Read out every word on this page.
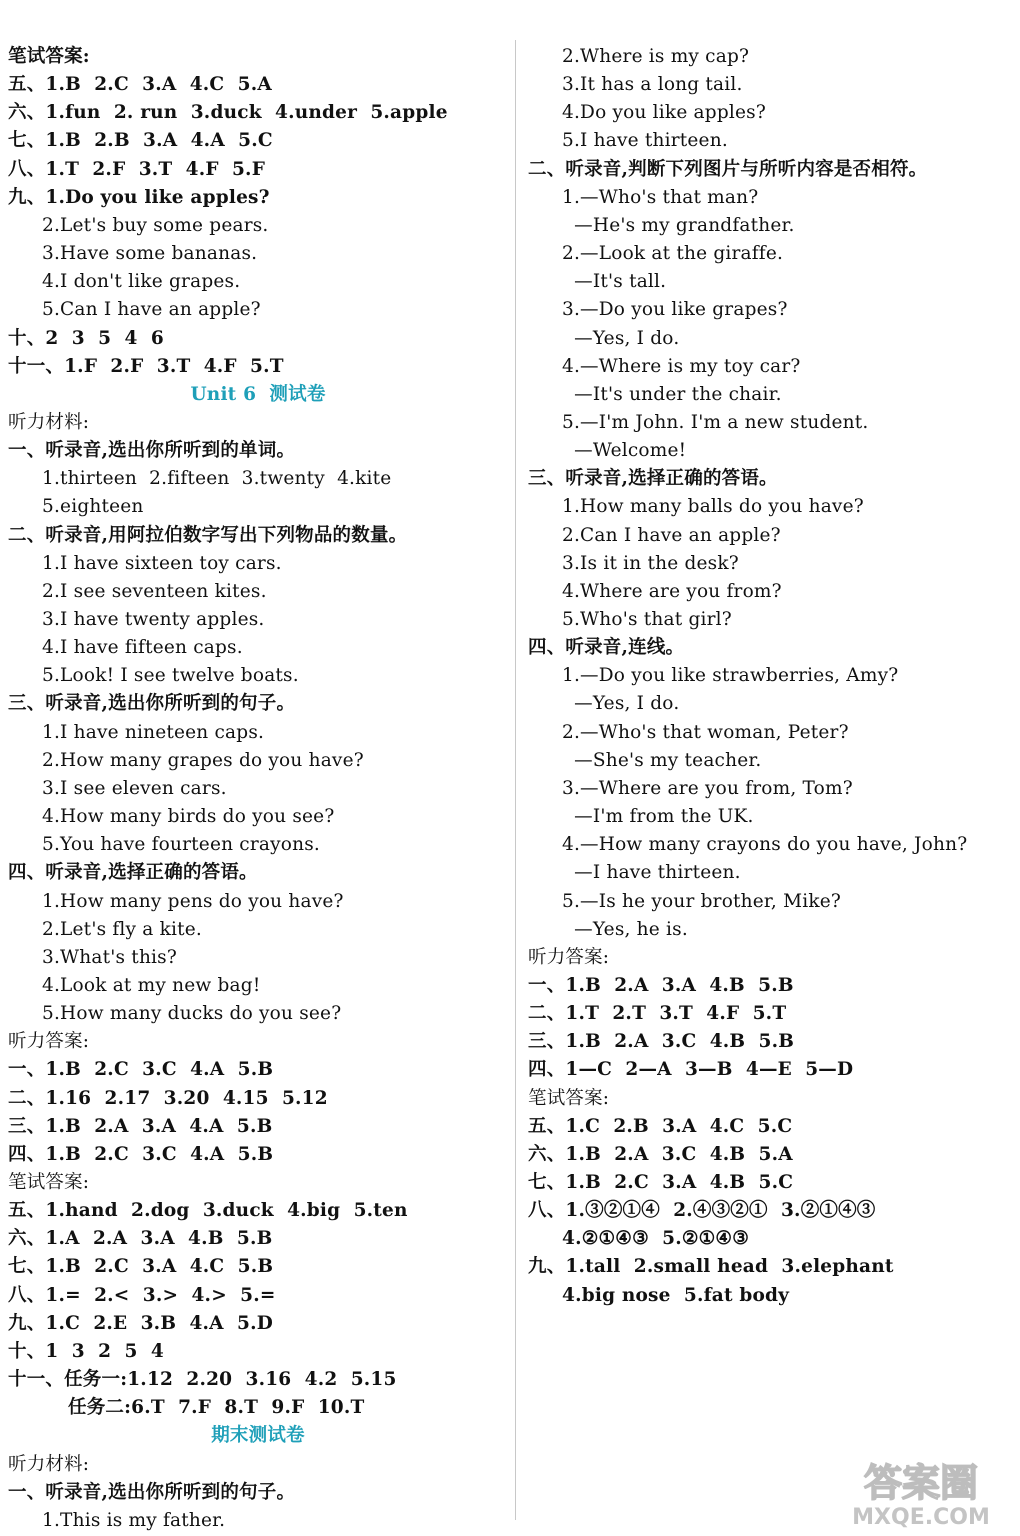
笔试答案:
五、1.B  2.C  3.A  4.C  5.A
六、1.fun  2. run  3.duck  4.under  5.apple
七、1.B  2.B  3.A  4.A  5.C
八、1.T  2.F  3.T  4.F  5.F
九、1.Do you like apples?
2.Let's buy some pears.
3.Have some bananas.
4.I don't like grapes.
5.Can I have an apple?
十、2  3  5  4  6
十一、1.F  2.F  3.T  4.F  5.T
Unit 6  测试卷
听力材料:
一、听录音,选出你所听到的单词。
1.thirteen  2.fifteen  3.twenty  4.kite
5.eighteen
二、听录音,用阿拉伯数字写出下列物品的数量。
1.I have sixteen toy cars.
2.I see seventeen kites.
3.I have twenty apples.
4.I have fifteen caps.
5.Look! I see twelve boats.
三、听录音,选出你所听到的句子。
1.I have nineteen caps.
2.How many grapes do you have?
3.I see eleven cars.
4.How many birds do you see?
5.You have fourteen crayons.
四、听录音,选择正确的答语。
1.How many pens do you have?
2.Let's fly a kite.
3.What's this?
4.Look at my new bag!
5.How many ducks do you see?
听力答案:
一、1.B  2.C  3.C  4.A  5.B
二、1.16  2.17  3.20  4.15  5.12
三、1.B  2.A  3.A  4.A  5.B
四、1.B  2.C  3.C  4.A  5.B
笔试答案:
五、1.hand  2.dog  3.duck  4.big  5.ten
六、1.A  2.A  3.A  4.B  5.B
七、1.B  2.C  3.A  4.C  5.B
八、1.=  2.<  3.>  4.>  5.=
九、1.C  2.E  3.B  4.A  5.D
十、1  3  2  5  4
十一、任务一:1.12  2.20  3.16  4.2  5.15
任务二:6.T  7.F  8.T  9.F  10.T
期末测试卷
听力材料:
一、听录音,选出你所听到的句子。
1.This is my father.
2.Where is my cap?
3.It has a long tail.
4.Do you like apples?
5.I have thirteen.
二、听录音,判断下列图片与所听内容是否相符。
1.—Who's that man?
—He's my grandfather.
2.—Look at the giraffe.
—It's tall.
3.—Do you like grapes?
—Yes, I do.
4.—Where is my toy car?
—It's under the chair.
5.—I'm John. I'm a new student.
—Welcome!
三、听录音,选择正确的答语。
1.How many balls do you have?
2.Can I have an apple?
3.Is it in the desk?
4.Where are you from?
5.Who's that girl?
四、听录音,连线。
1.—Do you like strawberries, Amy?
—Yes, I do.
2.—Who's that woman, Peter?
—She's my teacher.
3.—Where are you from, Tom?
—I'm from the UK.
4.—How many crayons do you have, John?
—I have thirteen.
5.—Is he your brother, Mike?
—Yes, he is.
听力答案:
一、1.B  2.A  3.A  4.B  5.B
二、1.T  2.T  3.T  4.F  5.T
三、1.B  2.A  3.C  4.B  5.B
四、1—C  2—A  3—B  4—E  5—D
笔试答案:
五、1.C  2.B  3.A  4.C  5.C
六、1.B  2.A  3.C  4.B  5.A
七、1.B  2.C  3.A  4.B  5.C
八、1.③②①④  2.④③②①  3.②①④③
4.②①④③  5.②①④③
九、1.tall  2.small head  3.elephant
4.big nose  5.fat body
答案圈
MXQE.COM
